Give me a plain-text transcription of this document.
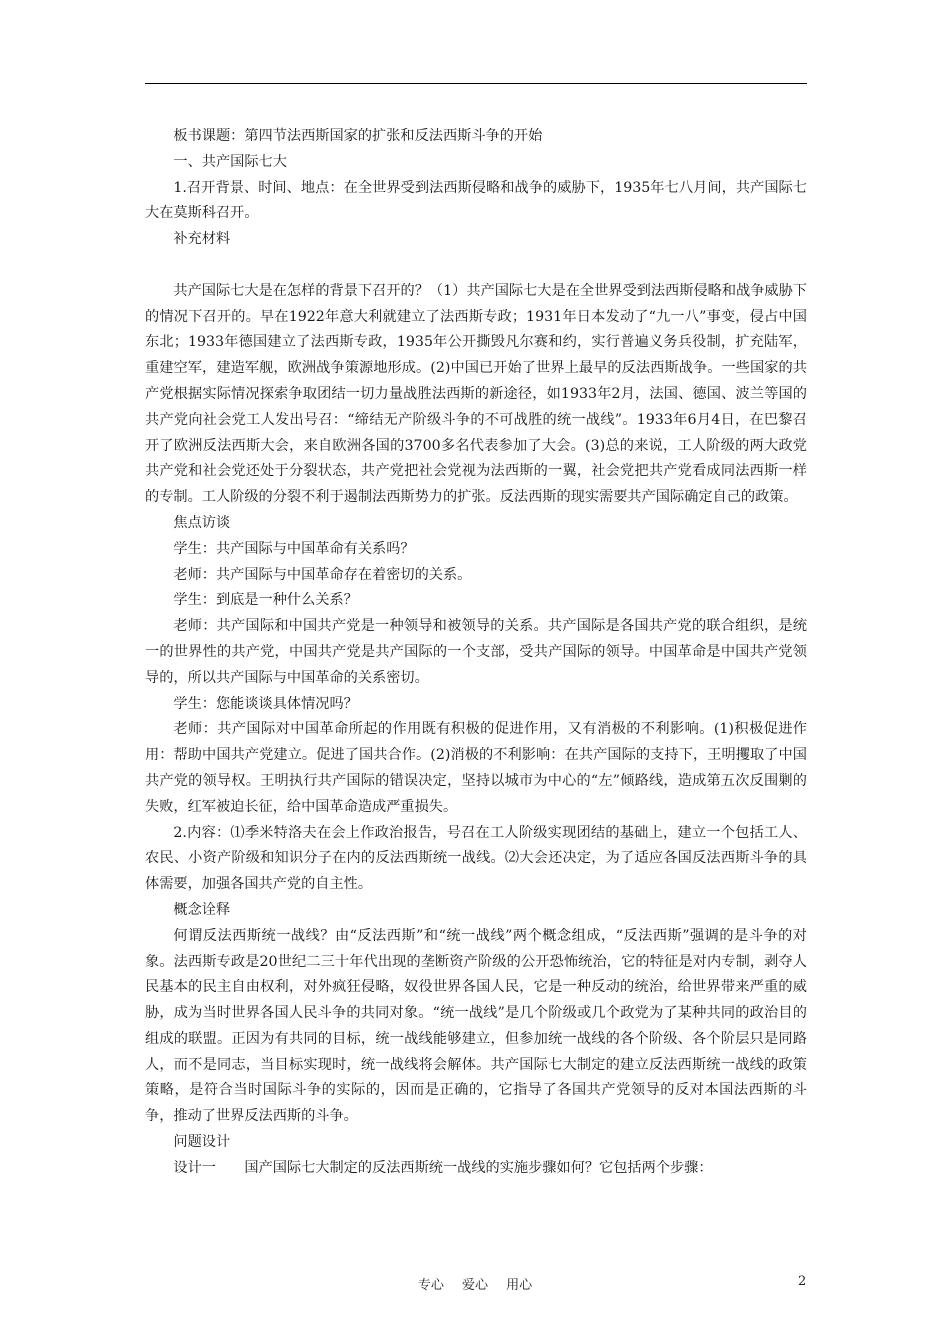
板书课题：第四节法西斯国家的扩张和反法西斯斗争的开始

一、共产国际七大

1.召开背景、时间、地点：在全世界受到法西斯侵略和战争的威胁下，1935年七八月间，共产国际七大在莫斯科召开。

补充材料

共产国际七大是在怎样的背景下召开的？（1）共产国际七大是在全世界受到法西斯侵略和战争威胁下的情况下召开的。早在1922年意大利就建立了法西斯专政；1931年日本发动了“九一八”事变，侵占中国东北；1933年德国建立了法西斯专政，1935年公开撕毁凡尔赛和约，实行普遍义务兵役制，扩充陆军，重建空军，建造军舰，欧洲战争策源地形成。(2)中国已开始了世界上最早的反法西斯战争。一些国家的共产党根据实际情况探索争取团结一切力量战胜法西斯的新途径，如1933年2月，法国、德国、波兰等国的共产党向社会党工人发出号召：“缔结无产阶级斗争的不可战胜的统一战线”。1933年6月4日，在巴黎召开了欧洲反法西斯大会，来自欧洲各国的3700多名代表参加了大会。(3)总的来说，工人阶级的两大政党共产党和社会党还处于分裂状态，共产党把社会党视为法西斯的一翼，社会党把共产党看成同法西斯一样的专制。工人阶级的分裂不利于遏制法西斯势力的扩张。反法西斯的现实需要共产国际确定自己的政策。

焦点访谈

学生：共产国际与中国革命有关系吗？

老师：共产国际与中国革命存在着密切的关系。

学生：到底是一种什么关系？

老师：共产国际和中国共产党是一种领导和被领导的关系。共产国际是各国共产党的联合组织，是统一的世界性的共产党，中国共产党是共产国际的一个支部，受共产国际的领导。中国革命是中国共产党领导的，所以共产国际与中国革命的关系密切。

学生：您能谈谈具体情况吗？

老师：共产国际对中国革命所起的作用既有积极的促进作用，又有消极的不利影响。(1)积极促进作用：帮助中国共产党建立。促进了国共合作。(2)消极的不利影响：在共产国际的支持下，王明攫取了中国共产党的领导权。王明执行共产国际的错误决定，坚持以城市为中心的“左”倾路线，造成第五次反围剿的失败，红军被迫长征，给中国革命造成严重损失。

2.内容：⑴季米特洛夫在会上作政治报告，号召在工人阶级实现团结的基础上，建立一个包括工人、农民、小资产阶级和知识分子在内的反法西斯统一战线。⑵大会还决定，为了适应各国反法西斯斗争的具体需要，加强各国共产党的自主性。

概念诠释

何谓反法西斯统一战线？由“反法西斯”和“统一战线”两个概念组成，“反法西斯”强调的是斗争的对象。法西斯专政是20世纪二三十年代出现的垄断资产阶级的公开恐怖统治，它的特征是对内专制，剥夺人民基本的民主自由权利，对外疯狂侵略，奴役世界各国人民，它是一种反动的统治，给世界带来严重的威胁，成为当时世界各国人民斗争的共同对象。“统一战线”是几个阶级或几个政党为了某种共同的政治目的组成的联盟。正因为有共同的目标，统一战线能够建立，但参加统一战线的各个阶级、各个阶层只是同路人，而不是同志，当目标实现时，统一战线将会解体。共产国际七大制定的建立反法西斯统一战线的政策策略，是符合当时国际斗争的实际的，因而是正确的，它指导了各国共产党领导的反对本国法西斯的斗争，推动了世界反法西斯的斗争。

问题设计

设计一　　国产国际七大制定的反法西斯统一战线的实施步骤如何？它包括两个步骤：

专心 爱心 用心	2
